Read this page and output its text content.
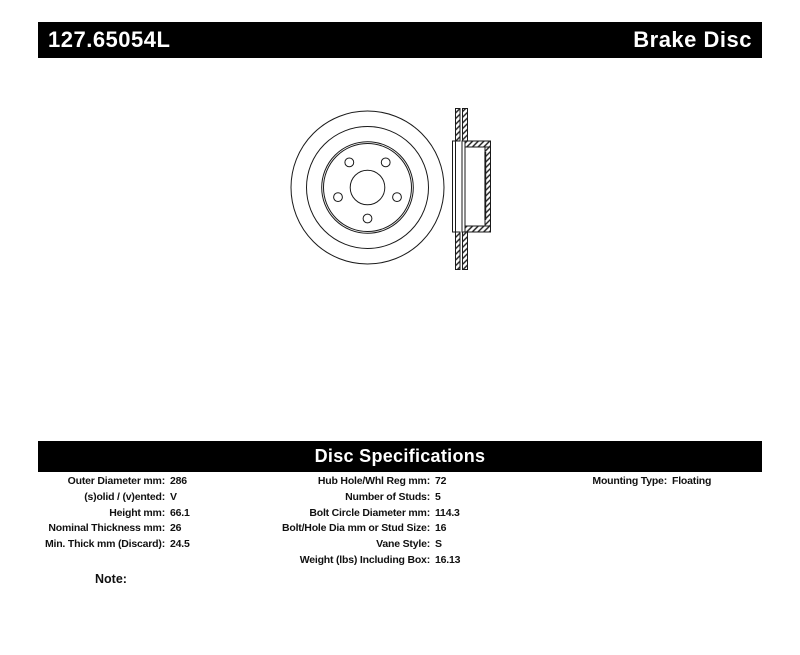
127.65054L	Brake Disc
Disc Specifications
Outer Diameter mm: 286
(s)olid / (v)ented: V
Height mm: 66.1
Nominal Thickness mm: 26
Min. Thick mm (Discard): 24.5
Hub Hole/Whl Reg mm: 72
Number of Studs: 5
Bolt Circle Diameter mm: 114.3
Bolt/Hole Dia mm or Stud Size: 16
Vane Style: S
Weight (lbs) Including Box: 16.13
Mounting Type: Floating
Note:
